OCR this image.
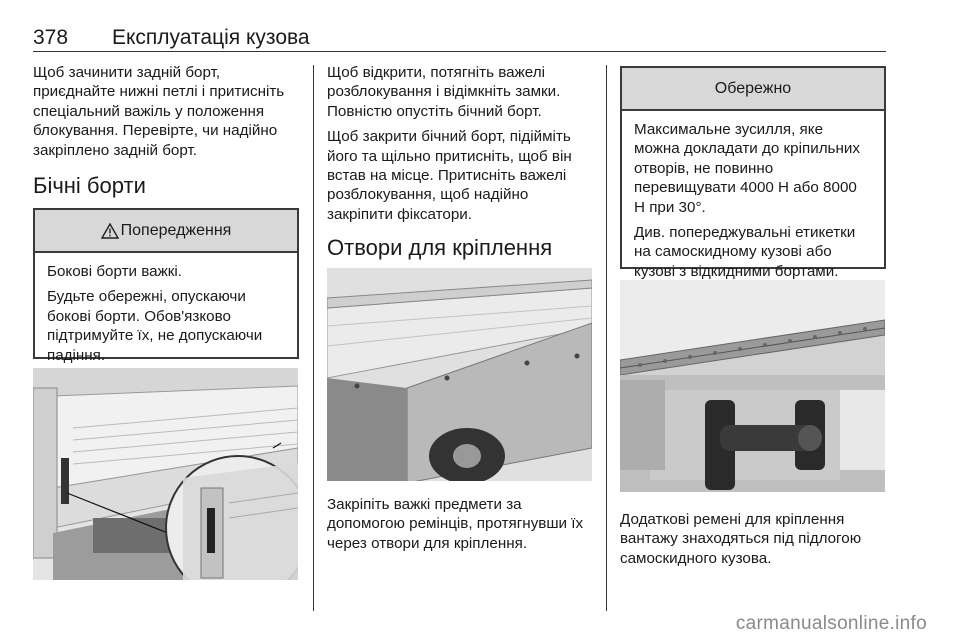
378 Експлуатація кузова

Щоб зачинити задній борт, приєднайте нижні петлі і притисніть спеціальний важіль у положення блокування. Перевірте, чи надійно закріплено задній борт.

Бічні борти
Попередження

Бокові борти важкі.

Будьте обережні, опускаючи бокові борти. Обов'язково підтримуйте їх, не допускаючи падіння.

Щоб відкрити, потягніть важелі розблокування і відімкніть замки. Повністю опустіть бічний борт.

Щоб закрити бічний борт, підійміть його та щільно притисніть, щоб він встав на місце. Притисніть важелі розблокування, щоб надійно закріпити фіксатори.

Отвори для кріплення

Закріпіть важкі предмети за допомогою ремінців, протягнувши їх через отвори для кріплення.

Обережно

Максимальне зусилля, яке можна докладати до кріпильних отворів, не повинно перевищувати 4000 Н або 8000 Н при 30°.

Див. попереджувальні етикетки на самоскидному кузові або кузові з відкидними бортами.

Додаткові ремені для кріплення вантажу знаходяться під підлогою самоскидного кузова.

carmanualsonline.info
